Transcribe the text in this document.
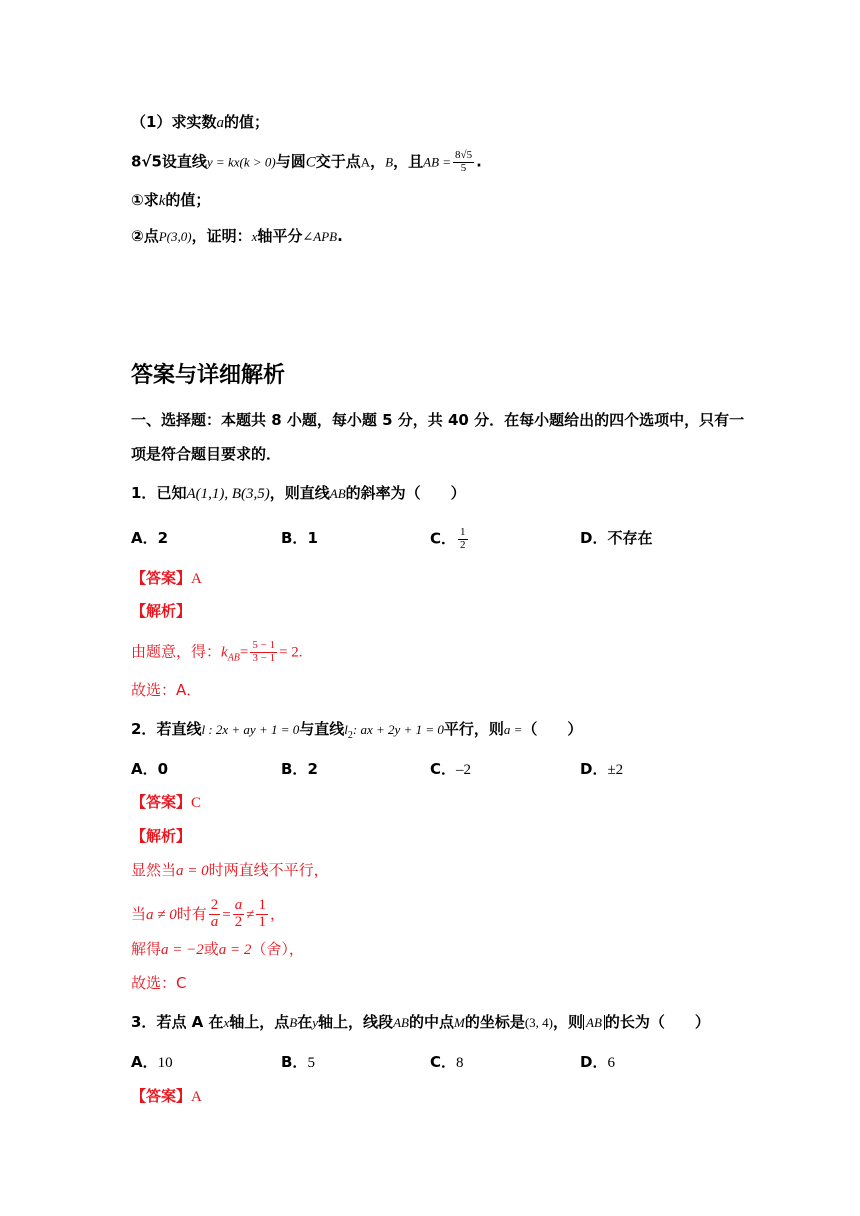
（1）求实数a的值；
8√5设直线y = kx(k > 0)与圆C交于点A，B，且AB = $\frac{8√5}{5}$ .
①求k的值；
②点P(3,0)，证明：x轴平分∠APB.
答案与详细解析
一、选择题：本题共 8 小题，每小题 5 分，共 40 分．在每小题给出的四个选项中，只有一
项是符合题目要求的．
1．已知A(1,1), B(3,5)，则直线AB的斜率为（　　）
A．2	B．1	C． $\frac{1}{2}$	D．不存在
【答案】A
【解析】
由题意，得：$k_{AB}= \frac{5 - 1}{3 - 1} = 2$.
故选：A．
2．若直线l : 2x + ay + 1 = 0与直线$l_2$: ax + 2y + 1 = 0平行，则a =（　　）
A．0	B．2	C．–2	D．±2
【答案】C
【解析】
显然当a = 0时两直线不平行，
当a ≠ 0时有 $\frac{2}{a} = \frac{a}{2} \ne \frac{1}{1}$ ，
解得a = −2或a = 2（舍），
故选：C
3．若点 A 在x轴上，点B在y轴上，线段AB的中点M的坐标是(3, 4)，则 AB 的长为（　　）
A．10	B．5	C．8	D．6
【答案】A
